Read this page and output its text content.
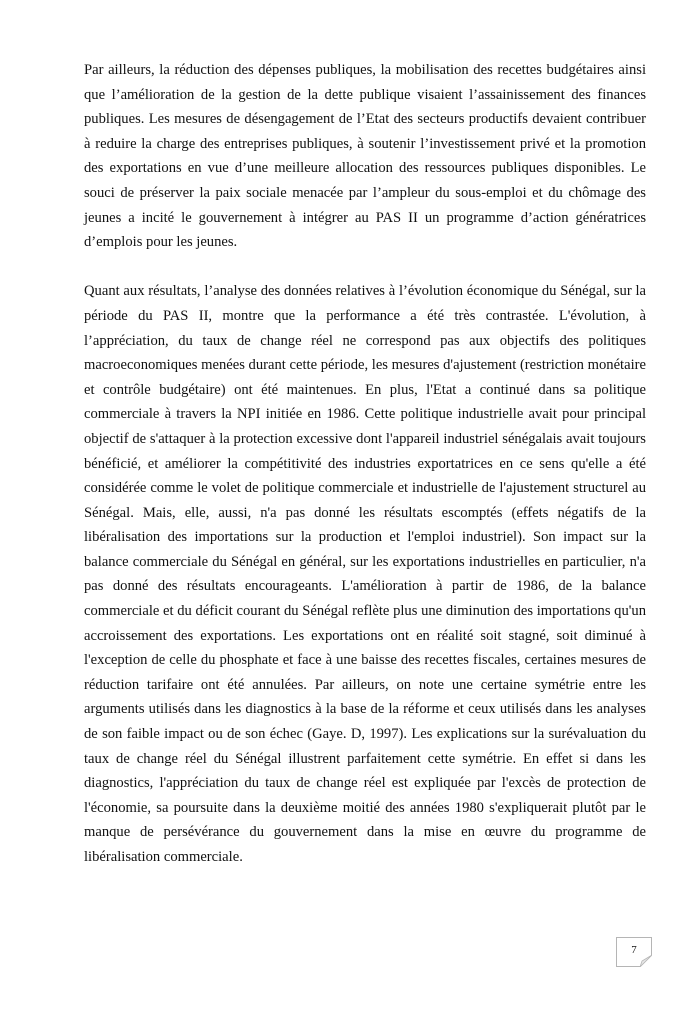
Par ailleurs, la réduction des dépenses publiques, la mobilisation des recettes budgétaires ainsi que l’amélioration de la gestion de la dette publique visaient l’assainissement des finances publiques. Les mesures de désengagement de l’Etat des secteurs productifs devaient contribuer à reduire la charge des entreprises publiques, à soutenir l’investissement privé et la promotion des exportations en vue d’une meilleure allocation des ressources publiques disponibles. Le souci de préserver la paix sociale menacée par l’ampleur du sous-emploi et du chômage des jeunes a incité le gouvernement à intégrer au PAS II un programme d’action génératrices d’emplois pour les jeunes.

Quant aux résultats, l’analyse des données relatives à l’évolution économique du Sénégal, sur la période du PAS II, montre que la performance a été très contrastée. L'évolution, à l’appréciation, du taux de change réel ne correspond pas aux objectifs des politiques macroeconomiques menées durant cette période, les mesures d'ajustement (restriction monétaire et contrôle budgétaire) ont été maintenues. En plus, l'Etat a continué dans sa politique commerciale à travers la NPI initiée en 1986. Cette politique industrielle avait pour principal objectif de s'attaquer à la protection excessive dont l'appareil industriel sénégalais avait toujours bénéficié, et améliorer la compétitivité des industries exportatrices en ce sens qu'elle a été considérée comme le volet de politique commerciale et industrielle de l'ajustement structurel au Sénégal. Mais, elle, aussi, n'a pas donné les résultats escomptés (effets négatifs de la libéralisation des importations sur la production et l'emploi industriel). Son impact sur la balance commerciale du Sénégal en général, sur les exportations industrielles en particulier, n'a pas donné des résultats encourageants. L'amélioration à partir de 1986, de la balance commerciale et du déficit courant du Sénégal reflète plus une diminution des importations qu'un accroissement des exportations. Les exportations ont en réalité soit stagné, soit diminué à l'exception de celle du phosphate et face à une baisse des recettes fiscales, certaines mesures de réduction tarifaire ont été annulées. Par ailleurs, on note une certaine symétrie entre les arguments utilisés dans les diagnostics à la base de la réforme et ceux utilisés dans les analyses de son faible impact ou de son échec (Gaye. D, 1997). Les explications sur la surévaluation du taux de change réel du Sénégal illustrent parfaitement cette symétrie. En effet si dans les diagnostics, l'appréciation du taux de change réel est expliquée par l'excès de protection de l'économie, sa poursuite dans la deuxième moitié des années 1980 s'expliquerait plutôt par le manque de persévérance du gouvernement dans la mise en œuvre du programme de libéralisation commerciale.

7
